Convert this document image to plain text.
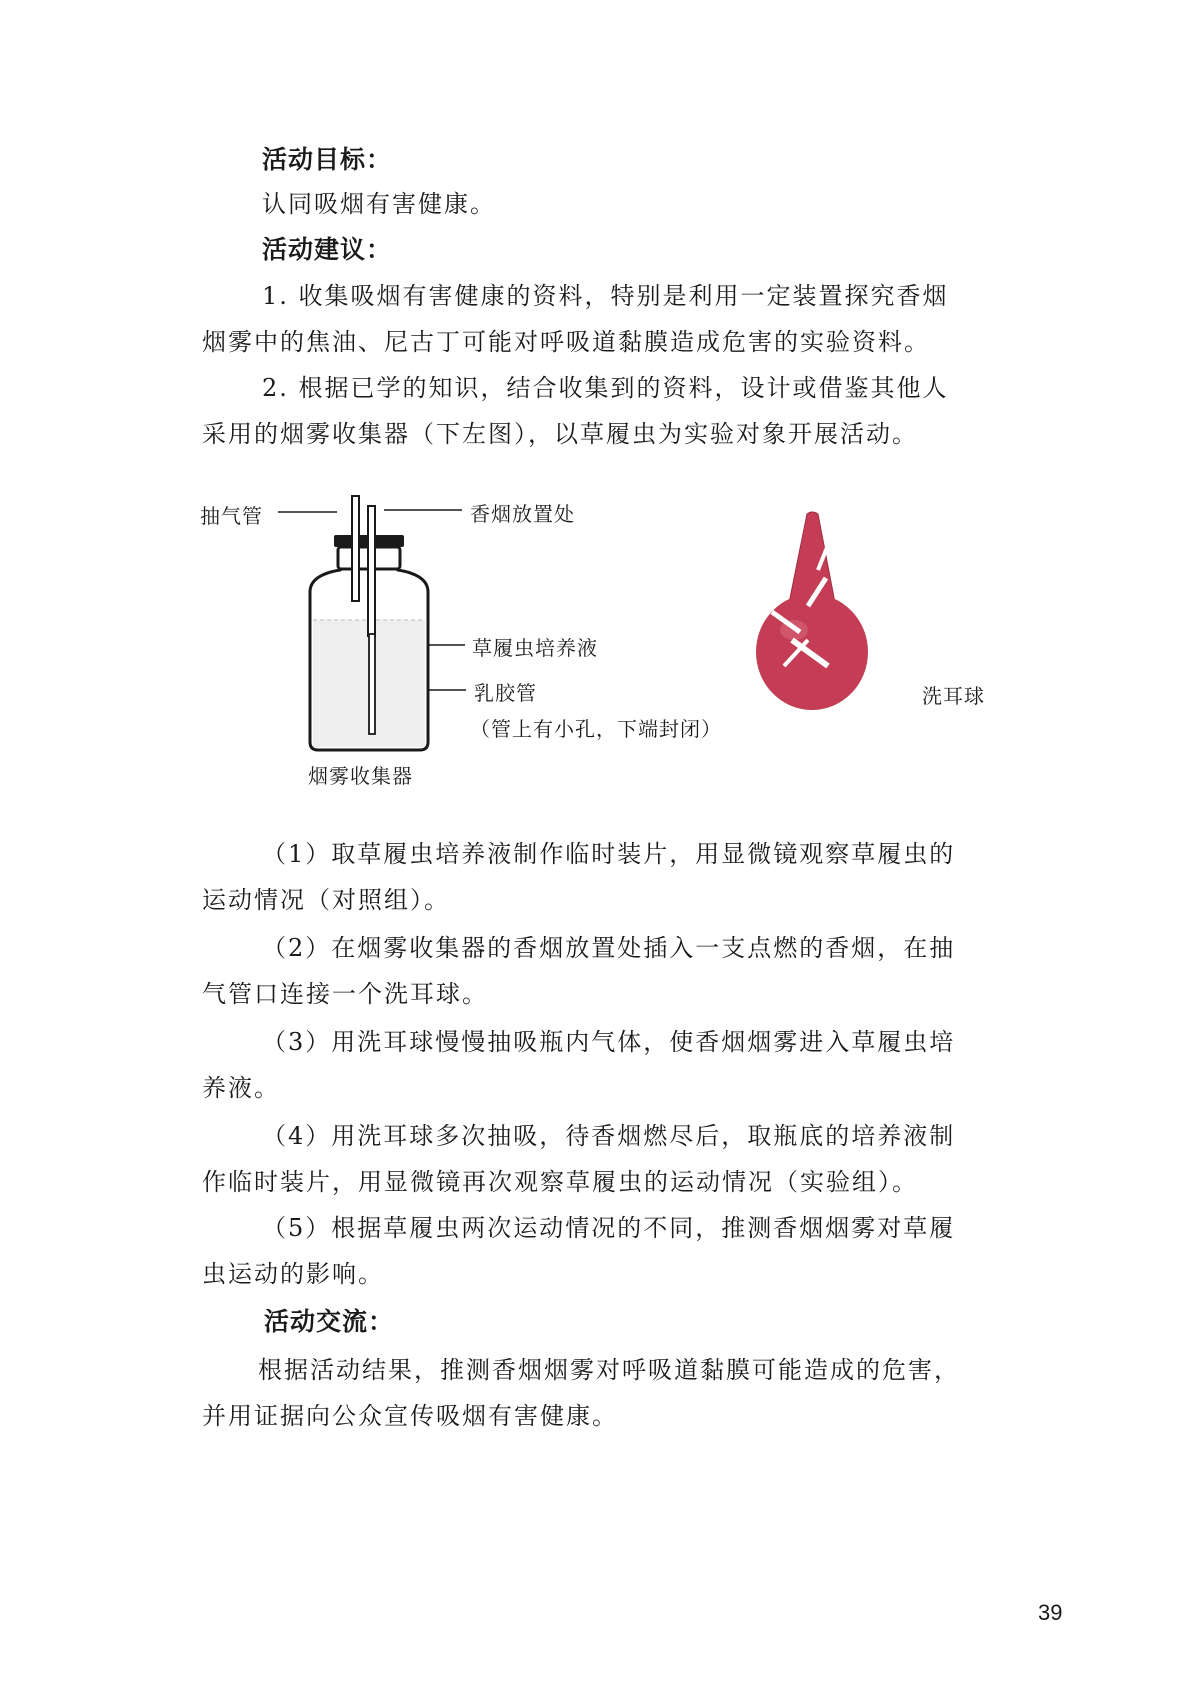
活动目标：
认同吸烟有害健康。
活动建议：
1. 收集吸烟有害健康的资料，特别是利用一定装置探究香烟
烟雾中的焦油、尼古丁可能对呼吸道黏膜造成危害的实验资料。
2. 根据已学的知识，结合收集到的资料，设计或借鉴其他人
采用的烟雾收集器（下左图），以草履虫为实验对象开展活动。
抽气管	香烟放置处
草履虫培养液
乳胶管
（管上有小孔，下端封闭）
烟雾收集器
洗耳球
（1）取草履虫培养液制作临时装片，用显微镜观察草履虫的
运动情况（对照组）。
（2）在烟雾收集器的香烟放置处插入一支点燃的香烟，在抽
气管口连接一个洗耳球。
（3）用洗耳球慢慢抽吸瓶内气体，使香烟烟雾进入草履虫培
养液。
（4）用洗耳球多次抽吸，待香烟燃尽后，取瓶底的培养液制
作临时装片，用显微镜再次观察草履虫的运动情况（实验组）。
（5）根据草履虫两次运动情况的不同，推测香烟烟雾对草履
虫运动的影响。
活动交流：
根据活动结果，推测香烟烟雾对呼吸道黏膜可能造成的危害，
并用证据向公众宣传吸烟有害健康。
39
